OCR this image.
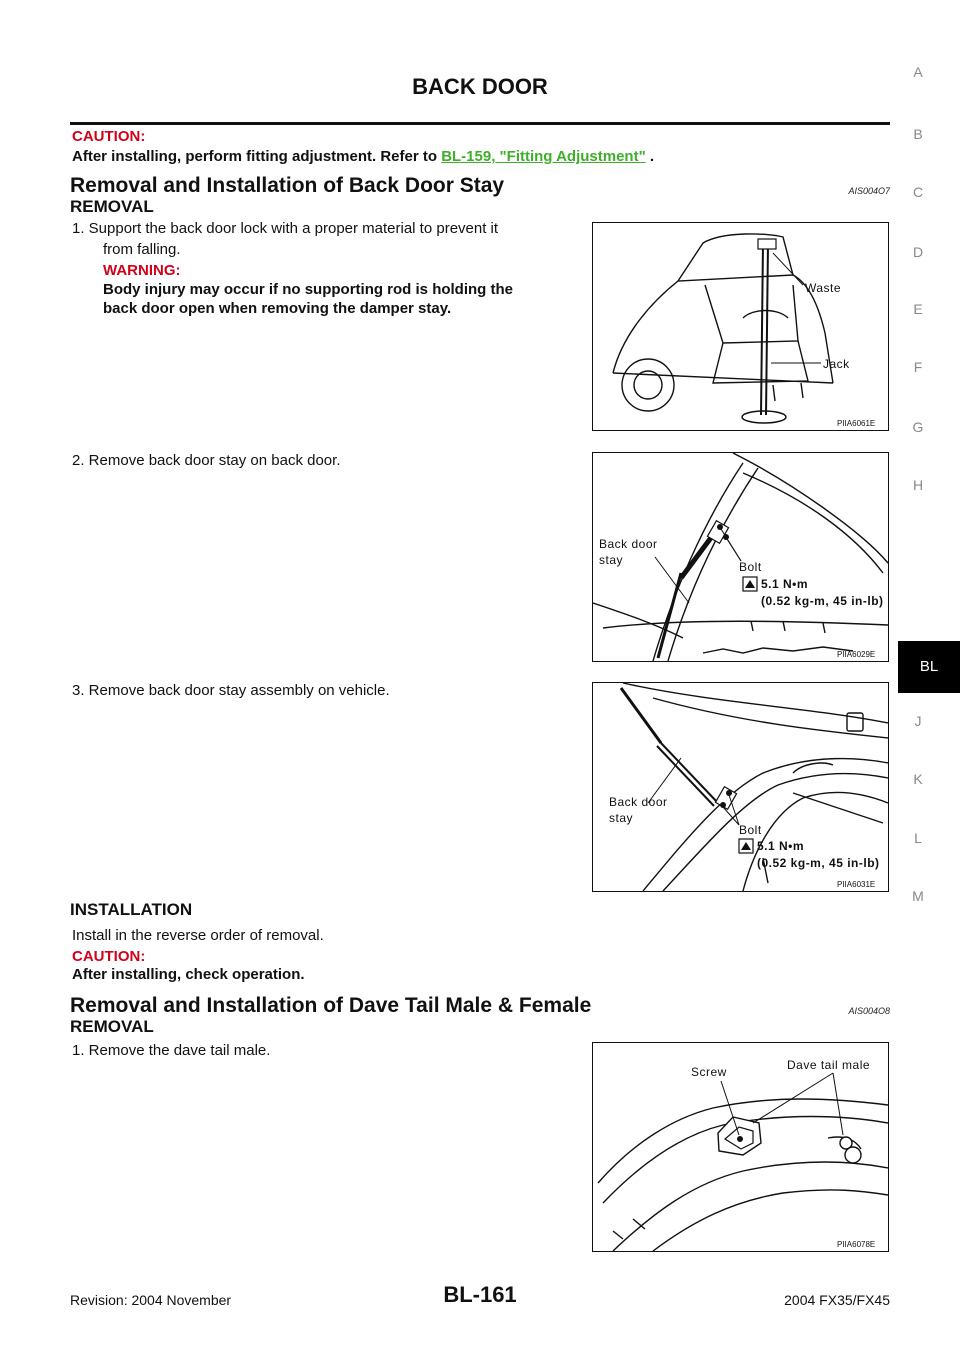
BACK DOOR
CAUTION:
After installing, perform fitting adjustment. Refer to BL-159, "Fitting Adjustment" .
Removal and Installation of Back Door Stay	AIS004O7
REMOVAL
1. Support the back door lock with a proper material to prevent it
from falling.
WARNING:
Body injury may occur if no supporting rod is holding the
back door open when removing the damper stay.
Waste
Jack
PIIA6061E
2. Remove back door stay on back door.
Back door
stay	Bolt
5.1 N•m
(0.52 kg-m, 45 in-lb)
PIIA6029E
3. Remove back door stay assembly on vehicle.
Back door
stay
Bolt
5.1 N•m
(0.52 kg-m, 45 in-lb)
PIIA6031E
INSTALLATION
Install in the reverse order of removal.
CAUTION:
After installing, check operation.
Removal and Installation of Dave Tail Male & Female	AIS004O8
REMOVAL
1. Remove the dave tail male.
Screw	Dave tail male
PIIA6078E
A
B
C
D
E
F
G
H
BL
J
K
L
M
Revision: 2004 November	BL-161	2004 FX35/FX45
